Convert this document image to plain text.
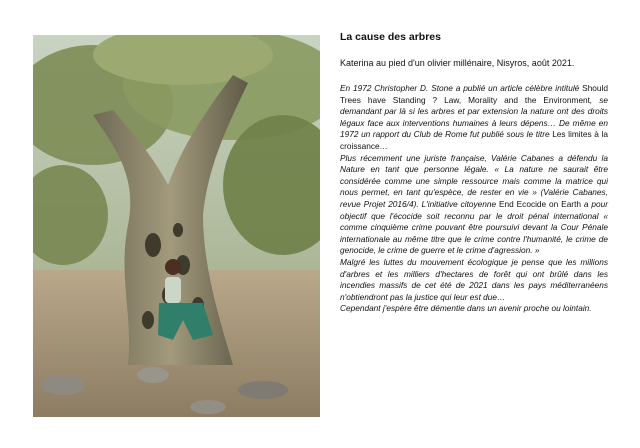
La cause des arbres

Katerina au pied d'un olivier millénaire, Nisyros, août 2021.

En 1972 Christopher D. Stone a publié un article célèbre intitulé Should Trees have Standing ? Law, Morality and the Environment, se demandant par là si les arbres et par extension la nature ont des droits légaux face aux interventions humaines à leurs dépens… De même en 1972 un rapport du Club de Rome fut publié sous le titre Les limites à la croissance…

Plus récemment une juriste française, Valérie Cabanes a défendu la Nature en tant que personne légale. « La nature ne saurait être considérée comme une simple ressource mais comme la matrice qui nous permet, en tant qu'espèce, de rester en vie » (Valérie Cabanes, revue Projet 2016/4). L'initiative citoyenne End Ecocide on Earth a pour objectif que l'écocide soit reconnu par le droit pénal international « comme cinquième crime pouvant être poursuivi devant la Cour Pénale internationale au même titre que le crime contre l'humanité, le crime de genocide, le crime de guerre et le crime d'agression. »

Malgré les luttes du mouvement écologique je pense que les millions d'arbres et les milliers d'hectares de forêt qui ont brûlé dans les incendies massifs de cet été de 2021 dans les pays méditerranéens n'obtiendront pas la justice qui leur est due…

Cependant j'espère être démentie dans un avenir proche ou lointain.
